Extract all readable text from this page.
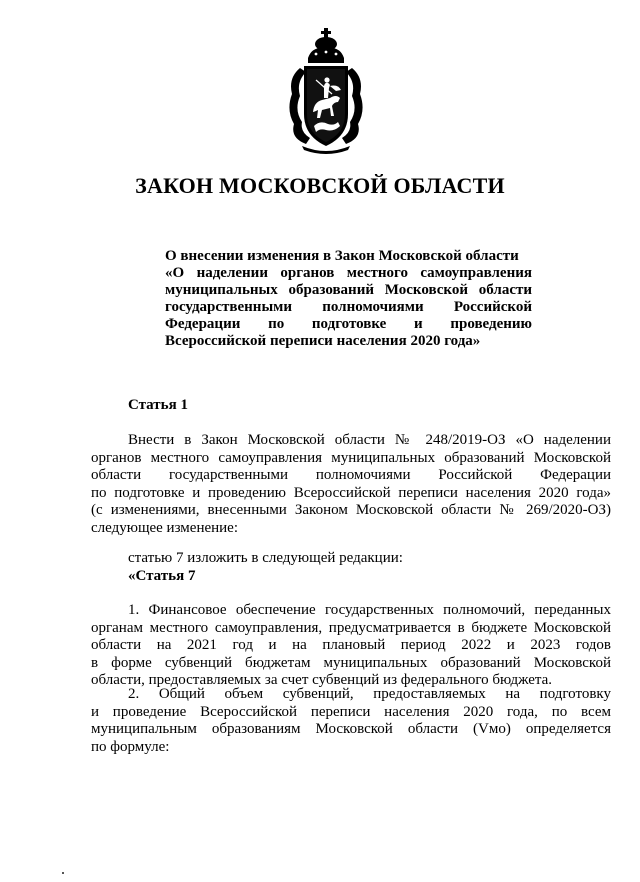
ЗАКОН МОСКОВСКОЙ ОБЛАСТИ
О внесении изменения в Закон Московской области
«О наделении органов местного самоуправления
муниципальных образований Московской области
государственными полномочиями Российской
Федерации по подготовке и проведению
Всероссийской переписи населения 2020 года»
Статья 1
Внести в Закон Московской области № 248/2019-ОЗ «О наделении
органов местного самоуправления муниципальных образований Московской
области государственными полномочиями Российской Федерации
по подготовке и проведению Всероссийской переписи населения 2020 года»
(с изменениями, внесенными Законом Московской области № 269/2020-ОЗ)
следующее изменение:
статью 7 изложить в следующей редакции:
«Статья 7
1. Финансовое обеспечение государственных полномочий, переданных
органам местного самоуправления, предусматривается в бюджете Московской
области на 2021 год и на плановый период 2022 и 2023 годов
в форме субвенций бюджетам муниципальных образований Московской
области, предоставляемых за счет субвенций из федерального бюджета.
2. Общий объем субвенций, предоставляемых на подготовку
и проведение Всероссийской переписи населения 2020 года, по всем
муниципальным образованиям Московской области (Vмо) определяется
по формуле:
